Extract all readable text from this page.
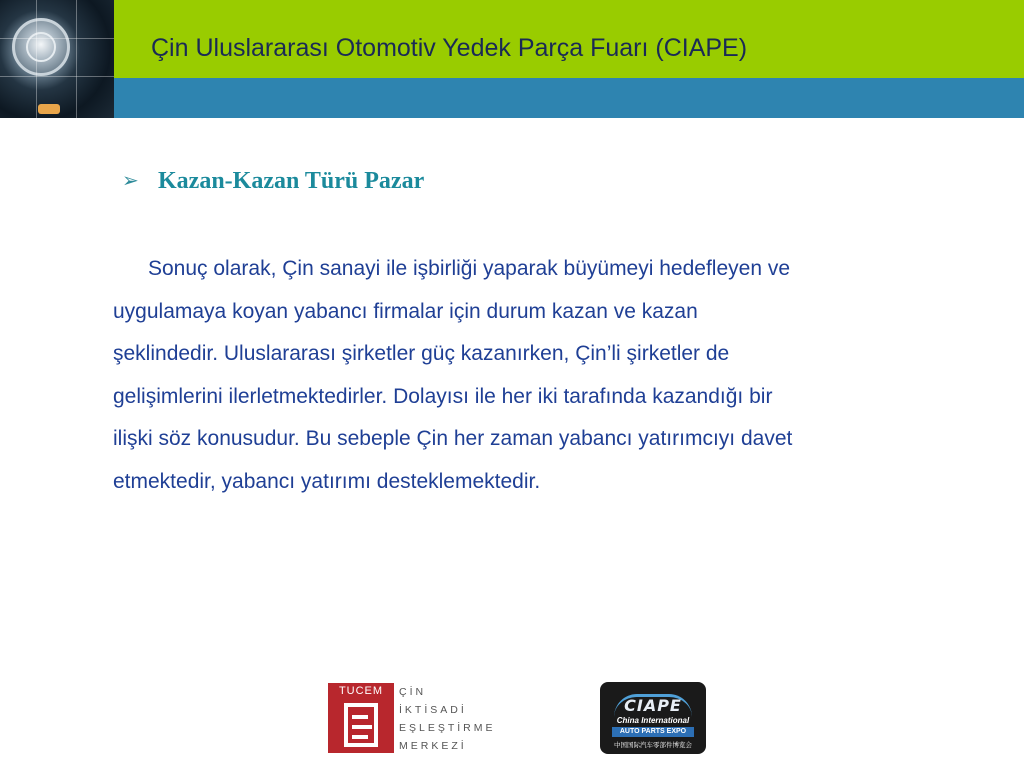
Çin Uluslararası Otomotiv Yedek Parça Fuarı (CIAPE)
➢ Kazan-Kazan Türü Pazar
Sonuç olarak, Çin sanayi ile işbirliği yaparak büyümeyi hedefleyen ve
uygulamaya koyan yabancı firmalar için durum kazan ve kazan
şeklindedir. Uluslararası şirketler güç kazanırken, Çin’li şirketler de
gelişimlerini ilerletmektedirler. Dolayısı ile her iki tarafında kazandığı bir
ilişki söz konusudur. Bu sebeple Çin her zaman yabancı yatırımcıyı davet
etmektedir, yabancı yatırımı desteklemektedir.
TUCEM	ÇİN
İKTİSADİ
EŞLEŞTİRME
MERKEZİ
CIAPE
China International
AUTO PARTS EXPO
中国国际汽车零部件博览会
